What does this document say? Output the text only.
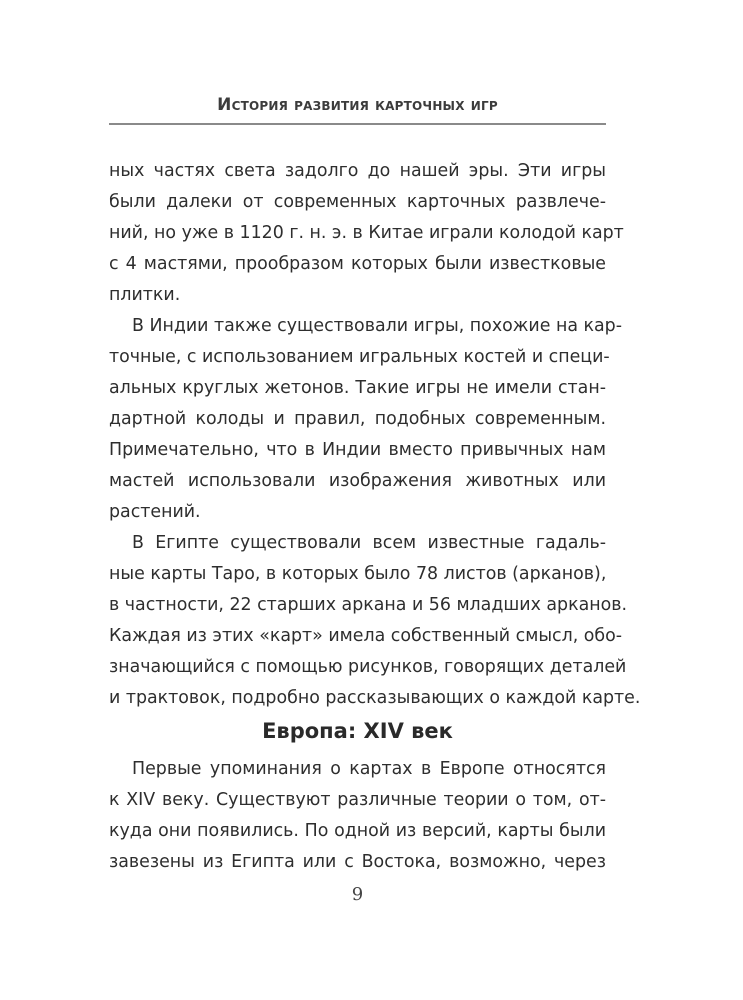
История развития карточных игр

ных частях света задолго до нашей эры. Эти игры
были далеки от современных карточных развлече-
ний, но уже в 1120 г. н. э. в Китае играли колодой карт
с 4 мастями, прообразом которых были известковые
плитки.

В Индии также существовали игры, похожие на кар-
точные, с использованием игральных костей и специ-
альных круглых жетонов. Такие игры не имели стан-
дартной колоды и правил, подобных современным.
Примечательно, что в Индии вместо привычных нам
мастей использовали изображения животных или
растений.

В Египте существовали всем известные гадаль-
ные карты Таро, в которых было 78 листов (арканов),
в частности, 22 старших аркана и 56 младших арканов.
Каждая из этих «карт» имела собственный смысл, обо-
значающийся с помощью рисунков, говорящих деталей
и трактовок, подробно рассказывающих о каждой карте.

Европа: XIV век

Первые упоминания о картах в Европе относятся
к XIV веку. Существуют различные теории о том, от-
куда они появились. По одной из версий, карты были
завезены из Египта или с Востока, возможно, через

9
